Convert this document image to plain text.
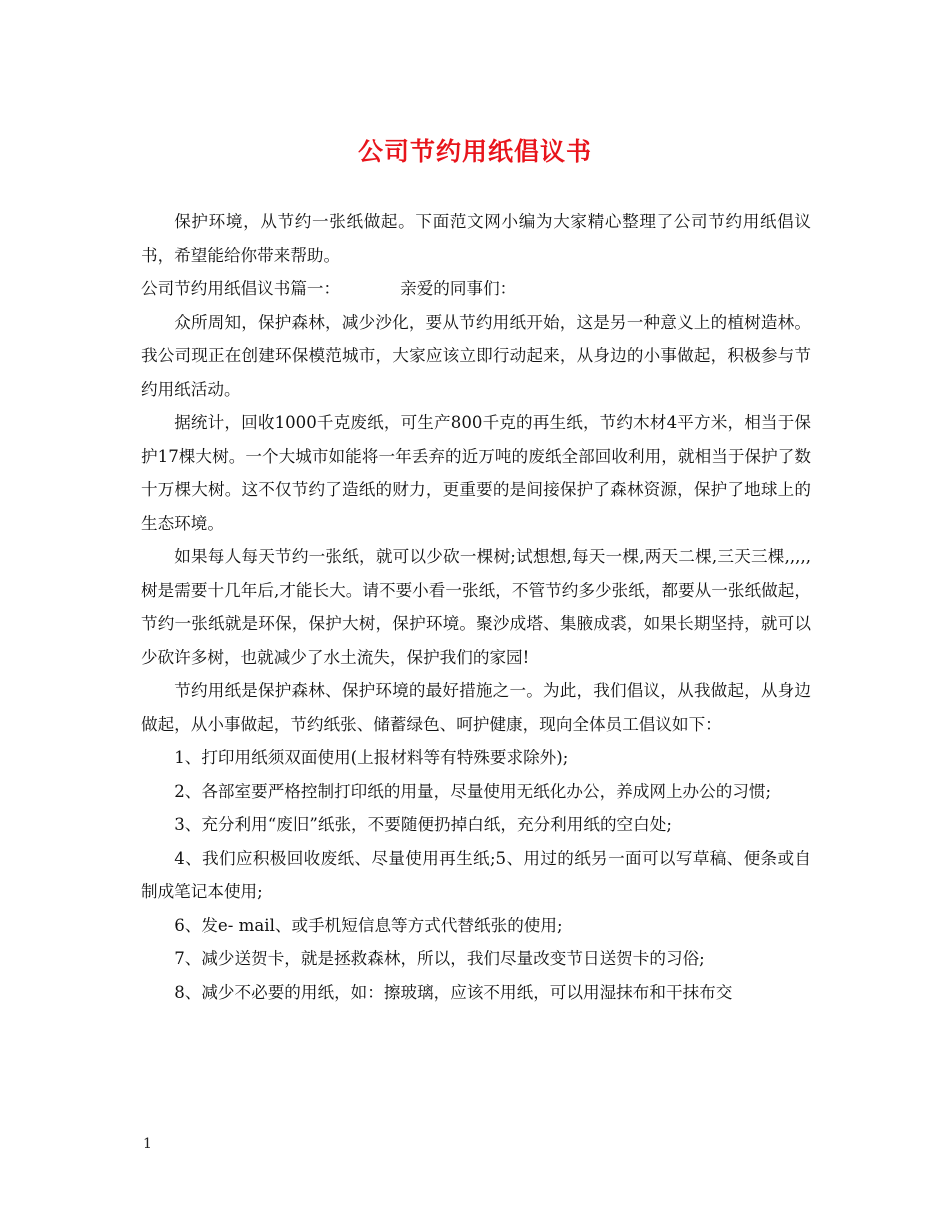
公司节约用纸倡议书

保护环境，从节约一张纸做起。下面范文网小编为大家精心整理了公司节约用纸倡议书，希望能给你带来帮助。

公司节约用纸倡议书篇一：	亲爱的同事们：

众所周知，保护森林，减少沙化，要从节约用纸开始，这是另一种意义上的植树造林。我公司现正在创建环保模范城市，大家应该立即行动起来，从身边的小事做起，积极参与节约用纸活动。

据统计，回收1000千克废纸，可生产800千克的再生纸，节约木材4平方米，相当于保护17棵大树。一个大城市如能将一年丢弃的近万吨的废纸全部回收利用，就相当于保护了数十万棵大树。这不仅节约了造纸的财力，更重要的是间接保护了森林资源，保护了地球上的生态环境。

如果每人每天节约一张纸，就可以少砍一棵树;试想想,每天一棵,两天二棵,三天三棵,,,,,树是需要十几年后,才能长大。请不要小看一张纸，不管节约多少张纸，都要从一张纸做起，节约一张纸就是环保，保护大树，保护环境。聚沙成塔、集腋成裘，如果长期坚持，就可以少砍许多树，也就减少了水土流失，保护我们的家园!

节约用纸是保护森林、保护环境的最好措施之一。为此，我们倡议，从我做起，从身边做起，从小事做起，节约纸张、储蓄绿色、呵护健康，现向全体员工倡议如下：

1、打印用纸须双面使用(上报材料等有特殊要求除外);

2、各部室要严格控制打印纸的用量，尽量使用无纸化办公，养成网上办公的习惯;

3、充分利用“废旧”纸张，不要随便扔掉白纸，充分利用纸的空白处;

4、我们应积极回收废纸、尽量使用再生纸;5、用过的纸另一面可以写草稿、便条或自制成笔记本使用;

6、发e- mail、或手机短信息等方式代替纸张的使用;

7、减少送贺卡，就是拯救森林，所以，我们尽量改变节日送贺卡的习俗;

8、减少不必要的用纸，如：擦玻璃，应该不用纸，可以用湿抹布和干抹布交

1
